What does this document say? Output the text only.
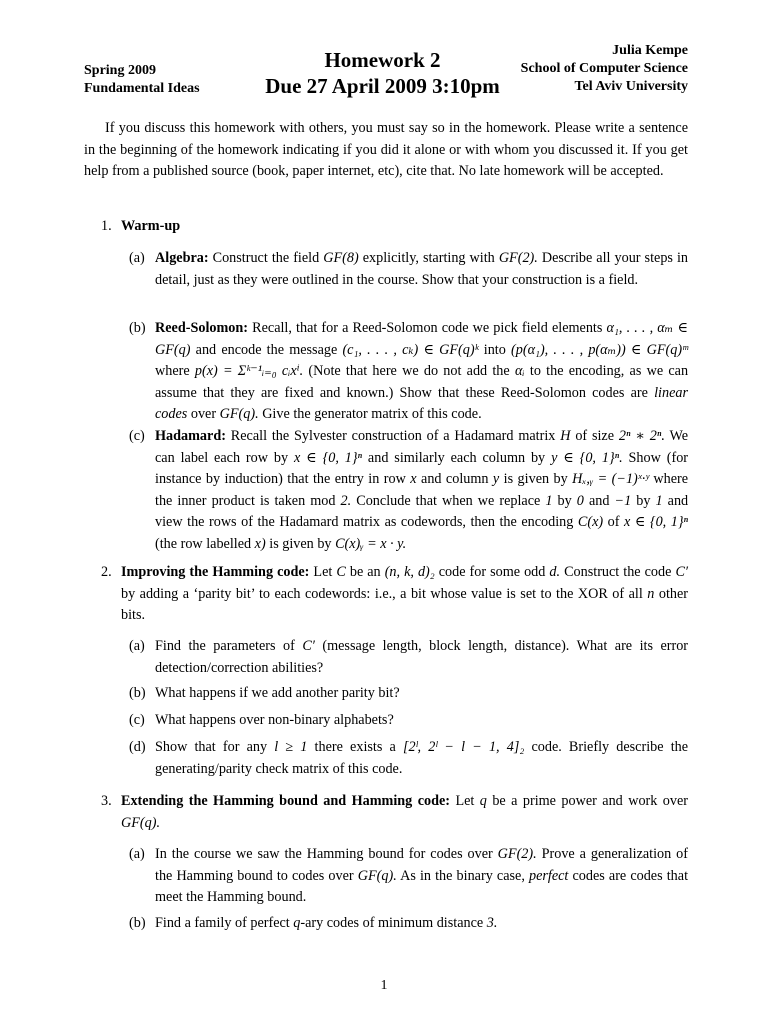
Spring 2009
Fundamental Ideas
Homework 2
Due 27 April 2009 3:10pm
Julia Kempe
School of Computer Science
Tel Aviv University
If you discuss this homework with others, you must say so in the homework. Please write a sentence in the beginning of the homework indicating if you did it alone or with whom you discussed it. If you get help from a published source (book, paper internet, etc), cite that. No late homework will be accepted.
1. Warm-up
(a) Algebra: Construct the field GF(8) explicitly, starting with GF(2). Describe all your steps in detail, just as they were outlined in the course. Show that your construction is a field.
(b) Reed-Solomon: Recall, that for a Reed-Solomon code we pick field elements α₁, . . . , αₘ ∈ GF(q) and encode the message (c₁, . . . , cₖ) ∈ GF(q)ᵏ into (p(α₁), . . . , p(αₘ)) ∈ GF(q)ᵐ where p(x) = Σᵏ⁻¹ᵢ₌₀ cᵢxⁱ. (Note that here we do not add the αᵢ to the encoding, as we can assume that they are fixed and known.) Show that these Reed-Solomon codes are linear codes over GF(q). Give the generator matrix of this code.
(c) Hadamard: Recall the Sylvester construction of a Hadamard matrix H of size 2ⁿ ∗ 2ⁿ. We can label each row by x ∈ {0, 1}ⁿ and similarly each column by y ∈ {0, 1}ⁿ. Show (for instance by induction) that the entry in row x and column y is given by Hₓ,ᵧ = (−1)ˣ·ʸ where the inner product is taken mod 2. Conclude that when we replace 1 by 0 and −1 by 1 and view the rows of the Hadamard matrix as codewords, then the encoding C(x) of x ∈ {0, 1}ⁿ (the row labelled x) is given by C(x)ᵧ = x · y.
2. Improving the Hamming code: Let C be an (n, k, d)₂ code for some odd d. Construct the code C′ by adding a ‘parity bit’ to each codewords: i.e., a bit whose value is set to the XOR of all n other bits.
(a) Find the parameters of C′ (message length, block length, distance). What are its error detection/correction abilities?
(b) What happens if we add another parity bit?
(c) What happens over non-binary alphabets?
(d) Show that for any l ≥ 1 there exists a [2ˡ, 2ˡ − l − 1, 4]₂ code. Briefly describe the generating/parity check matrix of this code.
3. Extending the Hamming bound and Hamming code: Let q be a prime power and work over GF(q).
(a) In the course we saw the Hamming bound for codes over GF(2). Prove a generalization of the Hamming bound to codes over GF(q). As in the binary case, perfect codes are codes that meet the Hamming bound.
(b) Find a family of perfect q-ary codes of minimum distance 3.
1
